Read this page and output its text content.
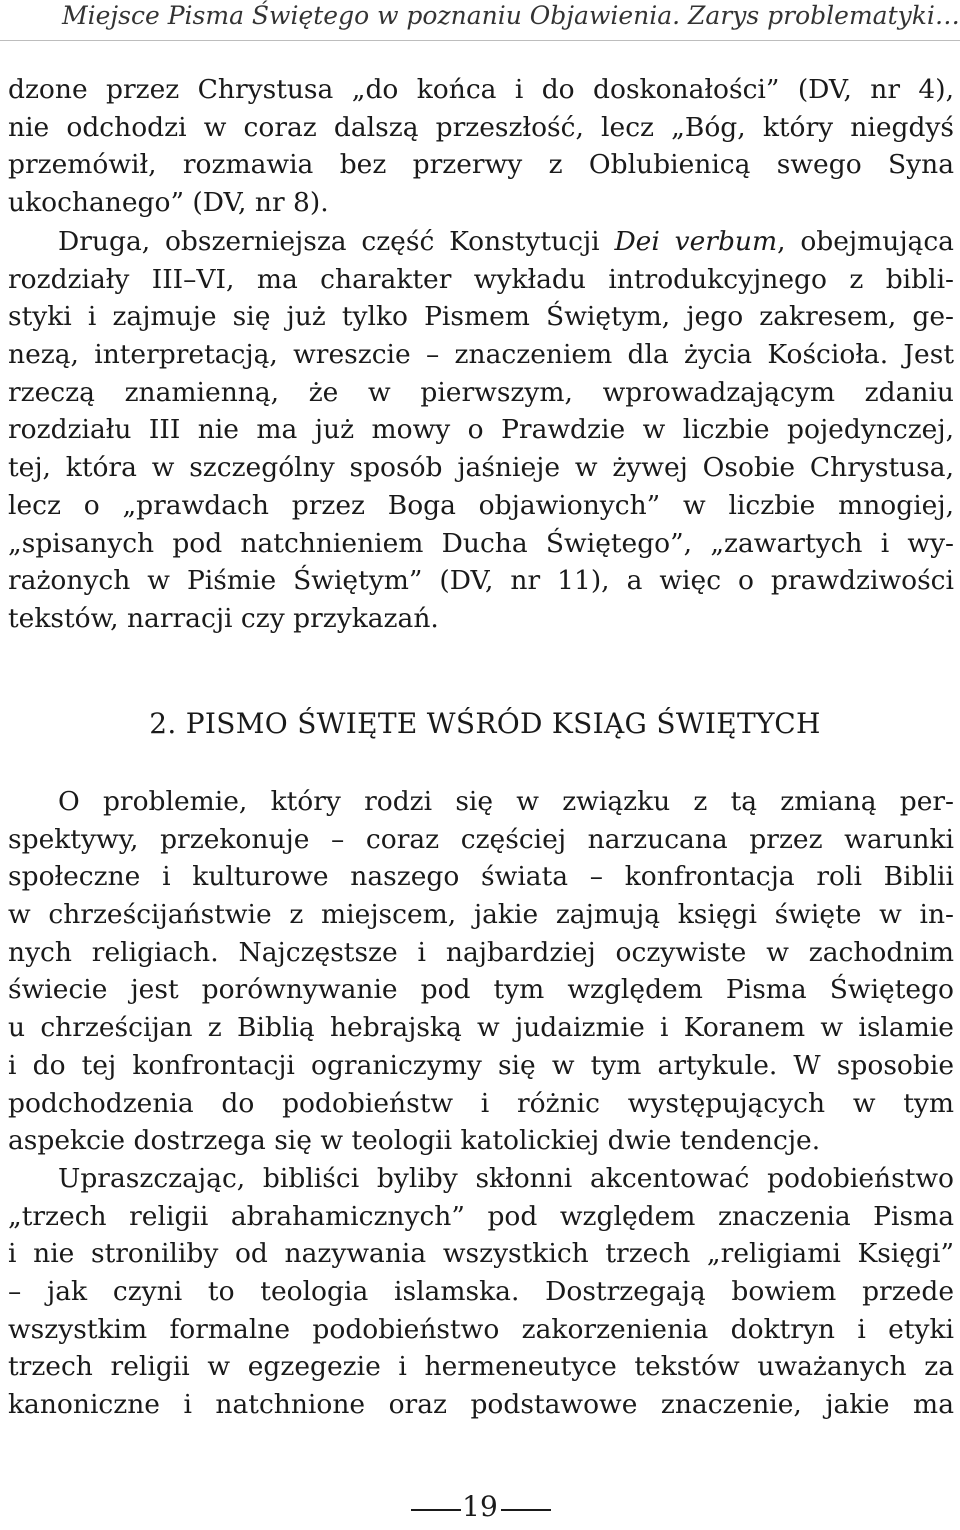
Miejsce Pisma Świętego w poznaniu Objawienia. Zarys problematyki…
dzone przez Chrystusa „do końca i do doskonałości” (DV, nr 4),
nie odchodzi w coraz dalszą przeszłość, lecz „Bóg, który niegdyś
przemówił, rozmawia bez przerwy z Oblubienicą swego Syna
ukochanego” (DV, nr 8).
Druga, obszerniejsza część Konstytucji Dei verbum, obejmująca
rozdziały III–VI, ma charakter wykładu introdukcyjnego z bibli-
styki i zajmuje się już tylko Pismem Świętym, jego zakresem, ge-
nezą, interpretacją, wreszcie – znaczeniem dla życia Kościoła. Jest
rzeczą znamienną, że w pierwszym, wprowadzającym zdaniu
rozdziału III nie ma już mowy o Prawdzie w liczbie pojedynczej,
tej, która w szczególny sposób jaśnieje w żywej Osobie Chrystusa,
lecz o „prawdach przez Boga objawionych” w liczbie mnogiej,
„spisanych pod natchnieniem Ducha Świętego”, „zawartych i wy-
rażonych w Piśmie Świętym” (DV, nr 11), a więc o prawdziwości
tekstów, narracji czy przykazań.
2. PISMO ŚWIĘTE WŚRÓD KSIĄG ŚWIĘTYCH
O problemie, który rodzi się w związku z tą zmianą per-
spektywy, przekonuje – coraz częściej narzucana przez warunki
społeczne i kulturowe naszego świata – konfrontacja roli Biblii
w chrześcijaństwie z miejscem, jakie zajmują księgi święte w in-
nych religiach. Najczęstsze i najbardziej oczywiste w zachodnim
świecie jest porównywanie pod tym względem Pisma Świętego
u chrześcijan z Biblią hebrajską w judaizmie i Koranem w islamie
i do tej konfrontacji ograniczymy się w tym artykule. W sposobie
podchodzenia do podobieństw i różnic występujących w tym
aspekcie dostrzega się w teologii katolickiej dwie tendencje.
Upraszczając, bibliści byliby skłonni akcentować podobieństwo
„trzech religii abrahamicznych” pod względem znaczenia Pisma
i nie stroniliby od nazywania wszystkich trzech „religiami Księgi”
– jak czyni to teologia islamska. Dostrzegają bowiem przede
wszystkim formalne podobieństwo zakorzenienia doktryn i etyki
trzech religii w egzegezie i hermeneutyce tekstów uważanych za
kanoniczne i natchnione oraz podstawowe znaczenie, jakie ma
19
